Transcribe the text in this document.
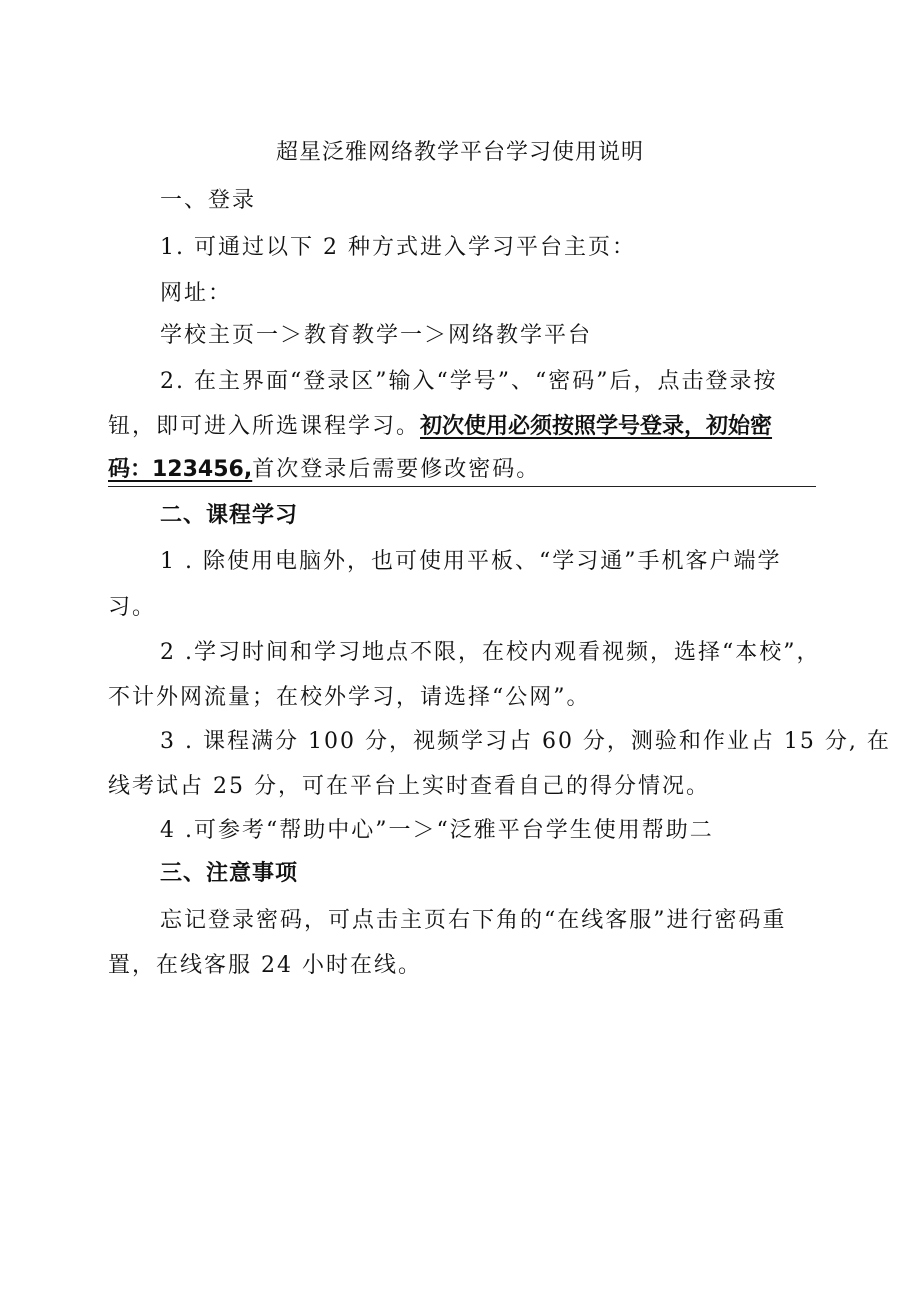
超星泛雅网络教学平台学习使用说明
一、登录
1. 可通过以下 2 种方式进入学习平台主页：
网址：
学校主页一＞教育教学一＞网络教学平台
2. 在主界面“登录区”输入“学号”、“密码”后，点击登录按
钮，即可进入所选课程学习。初次使用必须按照学号登录，初始密
码：123456,首次登录后需要修改密码。
二、课程学习
1 . 除使用电脑外，也可使用平板、“学习通”手机客户端学
习。
2 .学习时间和学习地点不限，在校内观看视频，选择“本校”，
不计外网流量；在校外学习，请选择“公网”。
3 . 课程满分 100 分，视频学习占 60 分，测验和作业占 15 分, 在
线考试占 25 分，可在平台上实时查看自己的得分情况。
4 .可参考“帮助中心”一＞“泛雅平台学生使用帮助二
三、注意事项
忘记登录密码，可点击主页右下角的“在线客服”进行密码重
置，在线客服 24 小时在线。
